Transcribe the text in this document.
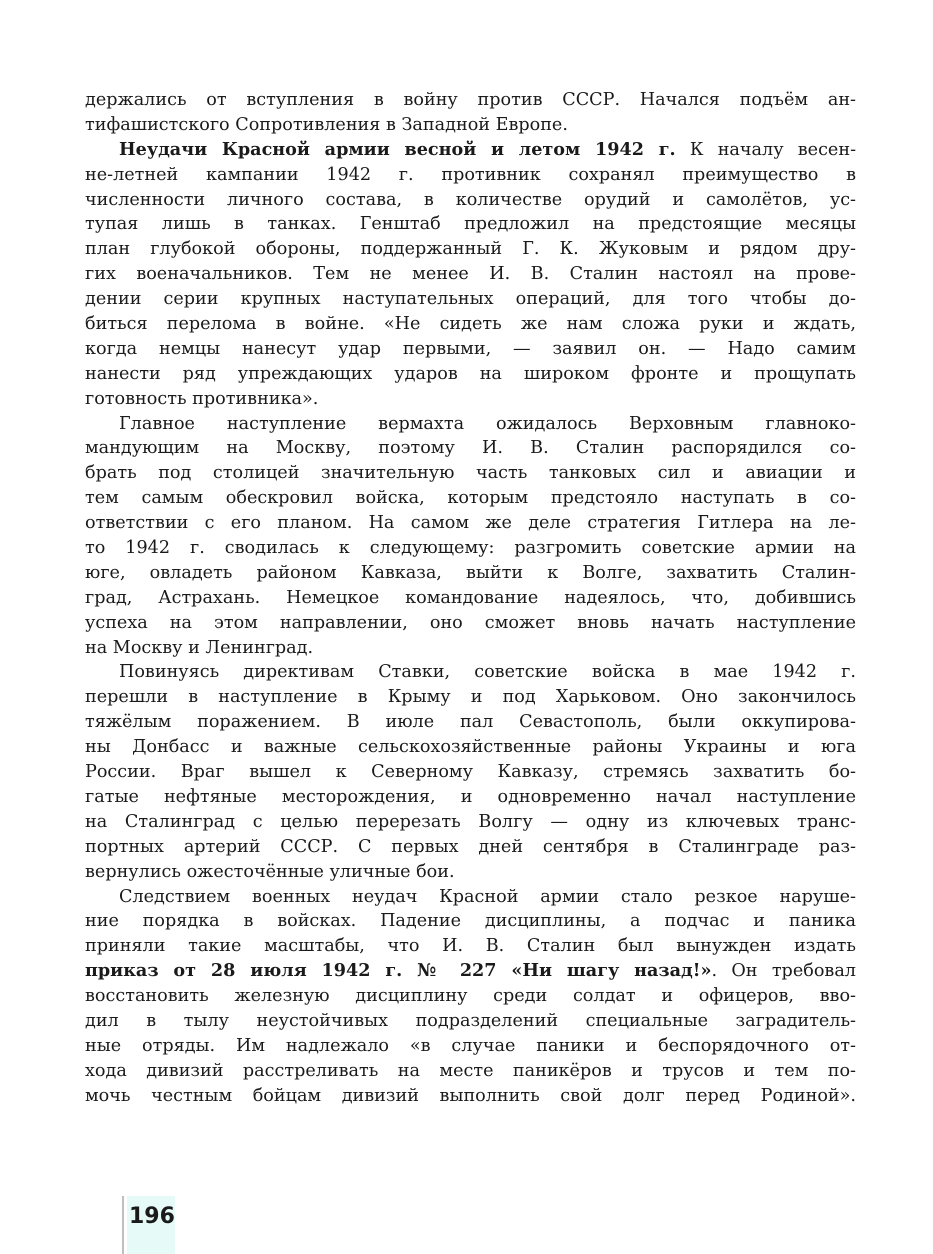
держались от вступления в войну против СССР. Начался подъём ан-
тифашистского Сопротивления в Западной Европе.
Неудачи Красной армии весной и летом 1942 г. К началу весен-
не-летней кампании 1942 г. противник сохранял преимущество в
численности личного состава, в количестве орудий и самолётов, ус-
тупая лишь в танках. Генштаб предложил на предстоящие месяцы
план глубокой обороны, поддержанный Г. К. Жуковым и рядом дру-
гих военачальников. Тем не менее И. В. Сталин настоял на прове-
дении серии крупных наступательных операций, для того чтобы до-
биться перелома в войне. «Не сидеть же нам сложа руки и ждать,
когда немцы нанесут удар первыми, — заявил он. — Надо самим
нанести ряд упреждающих ударов на широком фронте и прощупать
готовность противника».
Главное наступление вермахта ожидалось Верховным главноко-
мандующим на Москву, поэтому И. В. Сталин распорядился со-
брать под столицей значительную часть танковых сил и авиации и
тем самым обескровил войска, которым предстояло наступать в со-
ответствии с его планом. На самом же деле стратегия Гитлера на ле-
то 1942 г. сводилась к следующему: разгромить советские армии на
юге, овладеть районом Кавказа, выйти к Волге, захватить Сталин-
град, Астрахань. Немецкое командование надеялось, что, добившись
успеха на этом направлении, оно сможет вновь начать наступление
на Москву и Ленинград.
Повинуясь директивам Ставки, советские войска в мае 1942 г.
перешли в наступление в Крыму и под Харьковом. Оно закончилось
тяжёлым поражением. В июле пал Севастополь, были оккупирова-
ны Донбасс и важные сельскохозяйственные районы Украины и юга
России. Враг вышел к Северному Кавказу, стремясь захватить бо-
гатые нефтяные месторождения, и одновременно начал наступление
на Сталинград с целью перерезать Волгу — одну из ключевых транс-
портных артерий СССР. С первых дней сентября в Сталинграде раз-
вернулись ожесточённые уличные бои.
Следствием военных неудач Красной армии стало резкое наруше-
ние порядка в войсках. Падение дисциплины, а подчас и паника
приняли такие масштабы, что И. В. Сталин был вынужден издать
приказ от 28 июля 1942 г. № 227 «Ни шагу назад!». Он требовал
восстановить железную дисциплину среди солдат и офицеров, вво-
дил в тылу неустойчивых подразделений специальные заградитель-
ные отряды. Им надлежало «в случае паники и беспорядочного от-
хода дивизий расстреливать на месте паникёров и трусов и тем по-
мочь честным бойцам дивизий выполнить свой долг перед Родиной».
196
